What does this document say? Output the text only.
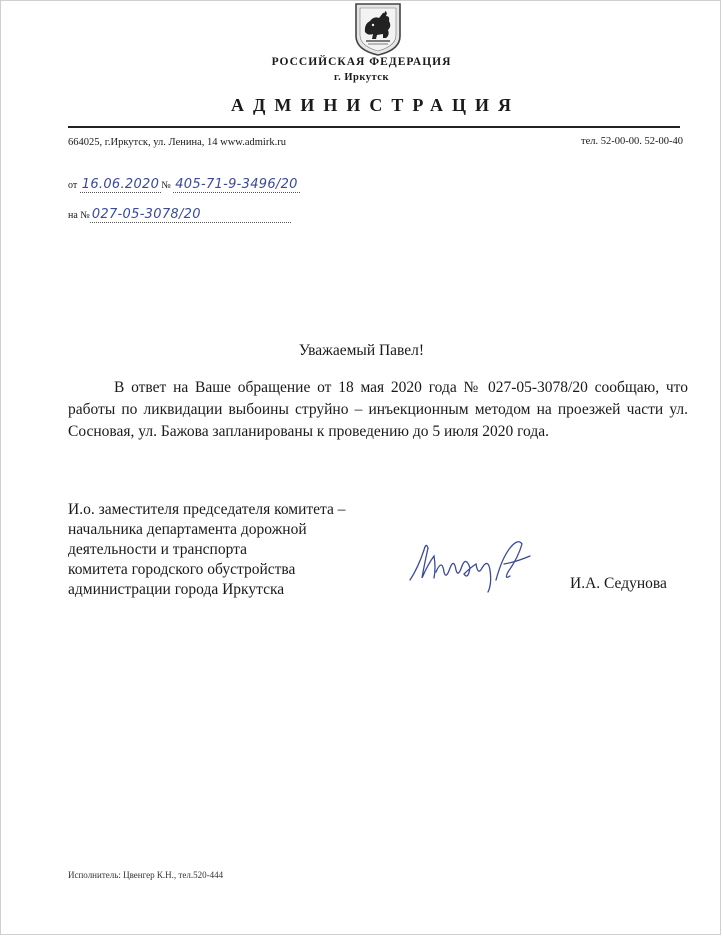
РОССИЙСКАЯ ФЕДЕРАЦИЯ
г. Иркутск
АДМИНИСТРАЦИЯ
664025, г.Иркутск, ул. Ленина, 14 www.admirk.ru	тел. 52-00-00. 52-00-40
от 16.06.2020 № 405-71-9-3496/20
на № 027-05-3078/20
Уважаемый Павел!

В ответ на Ваше обращение от 18 мая 2020 года № 027-05-3078/20 сообщаю, что работы по ликвидации выбоины струйно – инъекционным методом на проезжей части ул. Сосновая, ул. Бажова запланированы к проведению до 5 июля 2020 года.

И.о. заместителя председателя комитета –
начальника департамента дорожной
деятельности и транспорта
комитета городского обустройства
администрации города Иркутска	И.А. Седунова
Исполнитель: Цвенгер К.Н., тел.520-444
